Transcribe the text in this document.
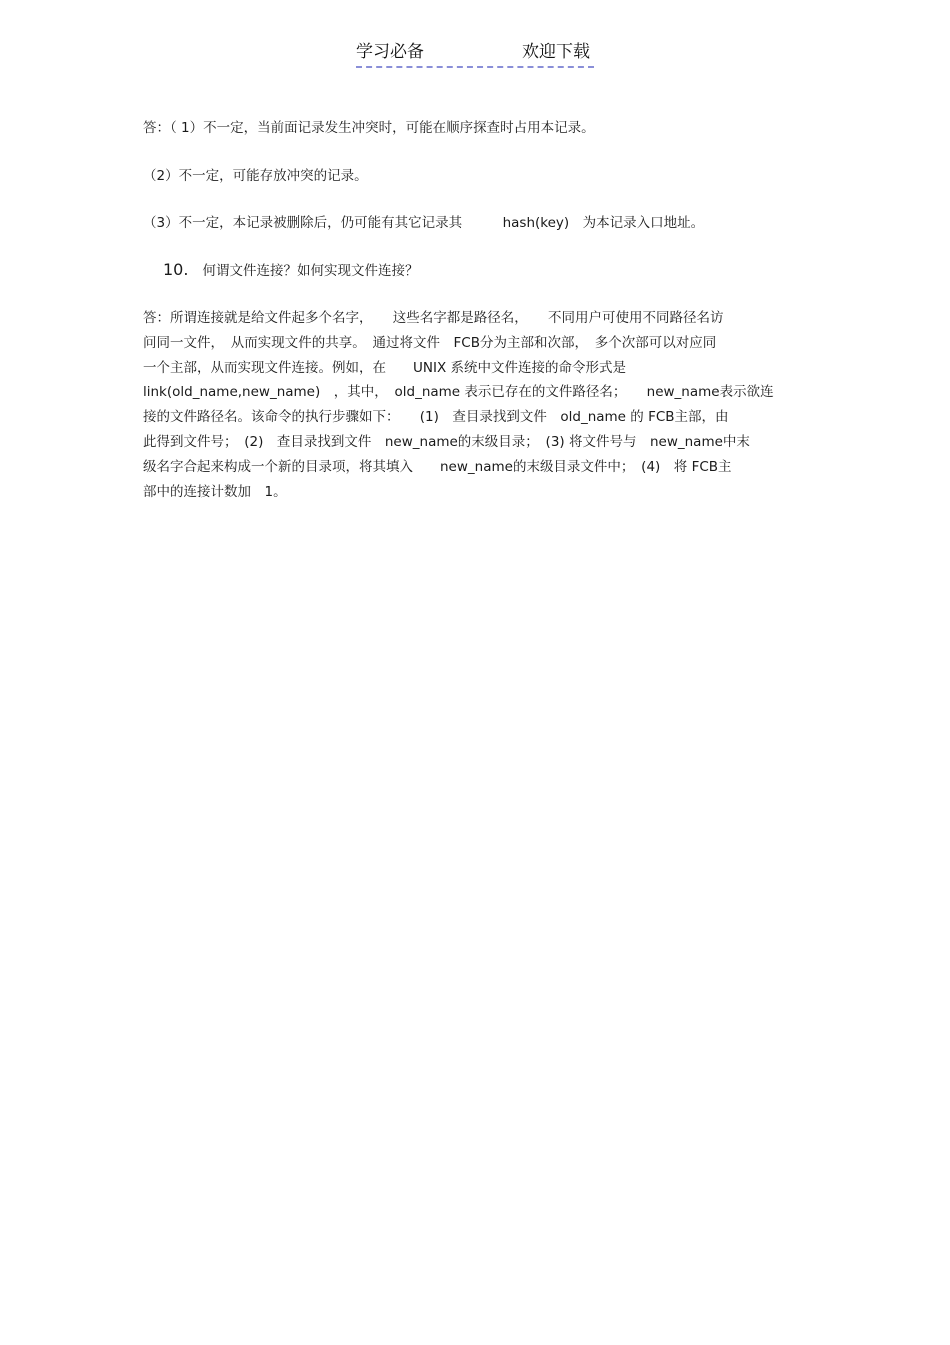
学习必备	欢迎下载
答：（ 1）不一定，当前面记录发生冲突时，可能在顺序探查时占用本记录。
（2）不一定，可能存放冲突的记录。
（3）不一定，本记录被删除后，仍可能有其它记录其　　　hash(key)　为本记录入口地址。
10. 何谓文件连接？如何实现文件连接？
答：所谓连接就是给文件起多个名字，　　这些名字都是路径名，　　不同用户可使用不同路径名访
问同一文件，　从而实现文件的共享。　通过将文件　FCB分为主部和次部，　多个次部可以对应同
一个主部，从而实现文件连接。例如，在　　UNIX 系统中文件连接的命令形式是
link(old_name,new_name)　，其中，　old_name 表示已存在的文件路径名；　　new_name表示欲连
接的文件路径名。该命令的执行步骤如下：　　(1)　查目录找到文件　old_name 的 FCB主部，由
此得到文件号；　(2)　查目录找到文件　new_name的末级目录；　(3) 将文件号与　new_name中末
级名字合起来构成一个新的目录项，将其填入　　new_name的末级目录文件中；　(4)　将 FCB主
部中的连接计数加　1。
